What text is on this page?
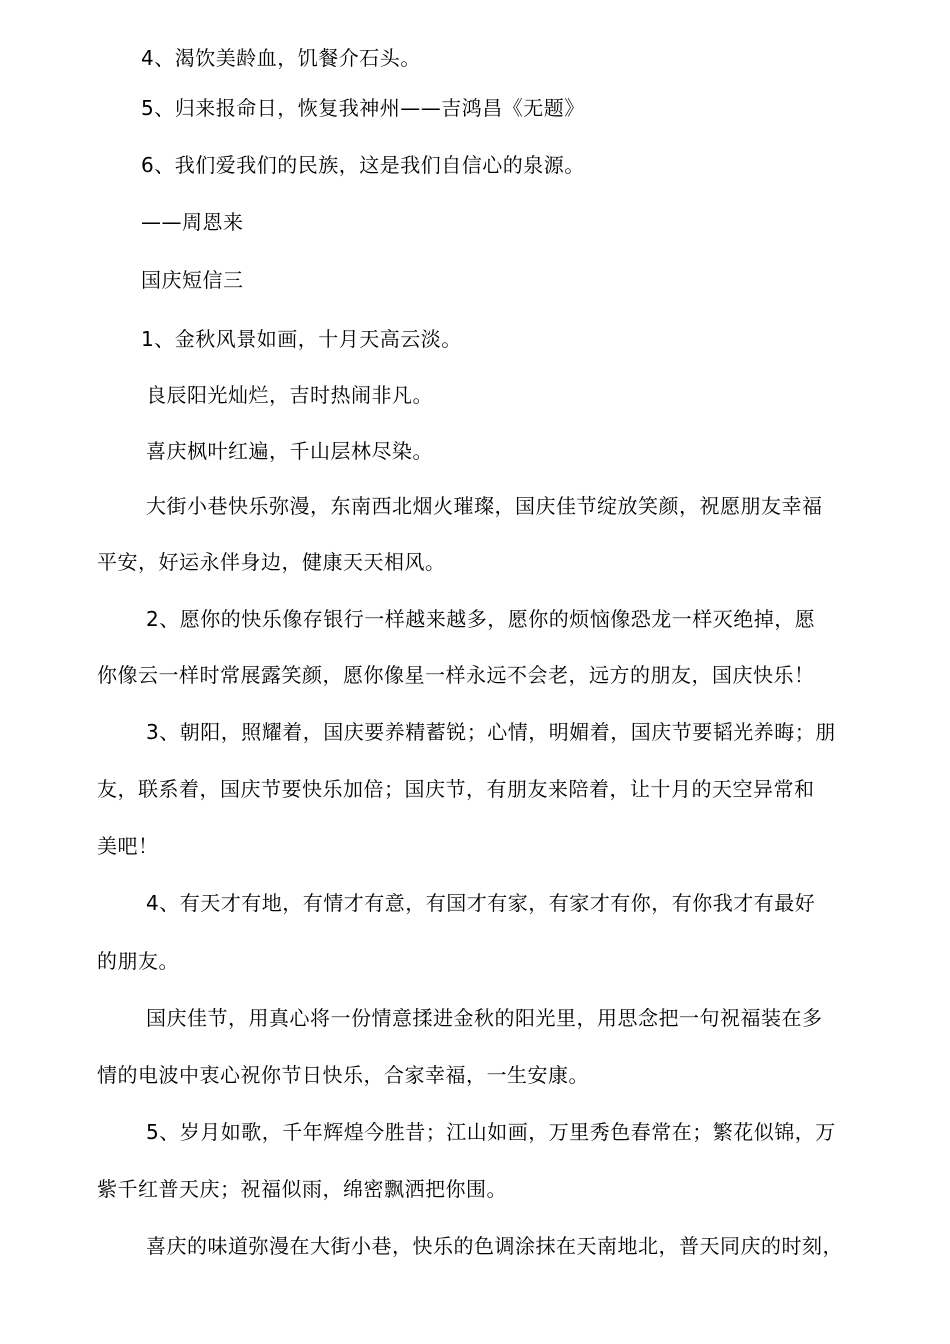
4、渴饮美龄血，饥餐介石头。
5、归来报命日，恢复我神州——吉鸿昌《无题》
6、我们爱我们的民族，这是我们自信心的泉源。
——周恩来
国庆短信三
1、金秋风景如画，十月天高云淡。
良辰阳光灿烂，吉时热闹非凡。
喜庆枫叶红遍，千山层林尽染。
大街小巷快乐弥漫，东南西北烟火璀璨，国庆佳节绽放笑颜，祝愿朋友幸福
平安，好运永伴身边，健康天天相风。
2、愿你的快乐像存银行一样越来越多，愿你的烦恼像恐龙一样灭绝掉，愿
你像云一样时常展露笑颜，愿你像星一样永远不会老，远方的朋友，国庆快乐！
3、朝阳，照耀着，国庆要养精蓄锐；心情，明媚着，国庆节要韬光养晦；朋
友，联系着，国庆节要快乐加倍；国庆节，有朋友来陪着，让十月的天空异常和
美吧！
4、有天才有地，有情才有意，有国才有家，有家才有你，有你我才有最好
的朋友。
国庆佳节，用真心将一份情意揉进金秋的阳光里，用思念把一句祝福装在多
情的电波中衷心祝你节日快乐，合家幸福，一生安康。
5、岁月如歌，千年辉煌今胜昔；江山如画，万里秀色春常在；繁花似锦，万
紫千红普天庆；祝福似雨，绵密飘洒把你围。
喜庆的味道弥漫在大街小巷，快乐的色调涂抹在天南地北，普天同庆的时刻，
